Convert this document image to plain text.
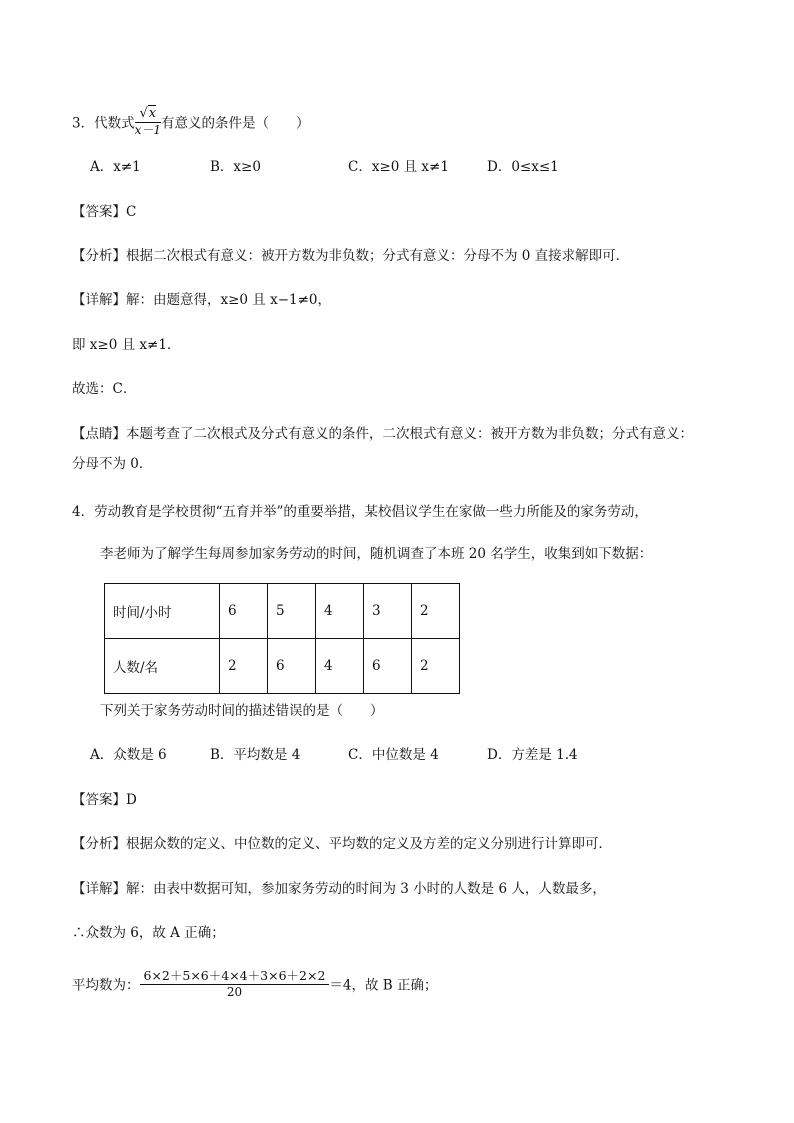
3．代数式 $\frac{√x}{x-1}$ 有意义的条件是（　　）
A．x≠1	B．x≥0	C．x≥0 且 x≠1	D．0≤x≤1
【答案】C
【分析】根据二次根式有意义：被开方数为非负数；分式有意义：分母不为 0 直接求解即可．
【详解】解：由题意得，x≥0 且 x−1≠0，
即 x≥0 且 x≠1．
故选：C．
【点睛】本题考查了二次根式及分式有意义的条件，二次根式有意义：被开方数为非负数；分式有意义：
分母不为 0．
4．劳动教育是学校贯彻“五育并举”的重要举措，某校倡议学生在家做一些力所能及的家务劳动，
李老师为了解学生每周参加家务劳动的时间，随机调查了本班 20 名学生，收集到如下数据：
时间/小时	6	5	4	3	2
人数/名	2	6	4	6	2
下列关于家务劳动时间的描述错误的是（　　）
A．众数是 6	B．平均数是 4	C．中位数是 4	D．方差是 1.4
【答案】D
【分析】根据众数的定义、中位数的定义、平均数的定义及方差的定义分别进行计算即可．
【详解】解：由表中数据可知，参加家务劳动的时间为 3 小时的人数是 6 人，人数最多，
∴众数为 6，故 A 正确；
平均数为： $\frac{6\times 2+5\times 6+4\times 4+3\times 6+2\times 2}{20} =4$，故 B 正确；
